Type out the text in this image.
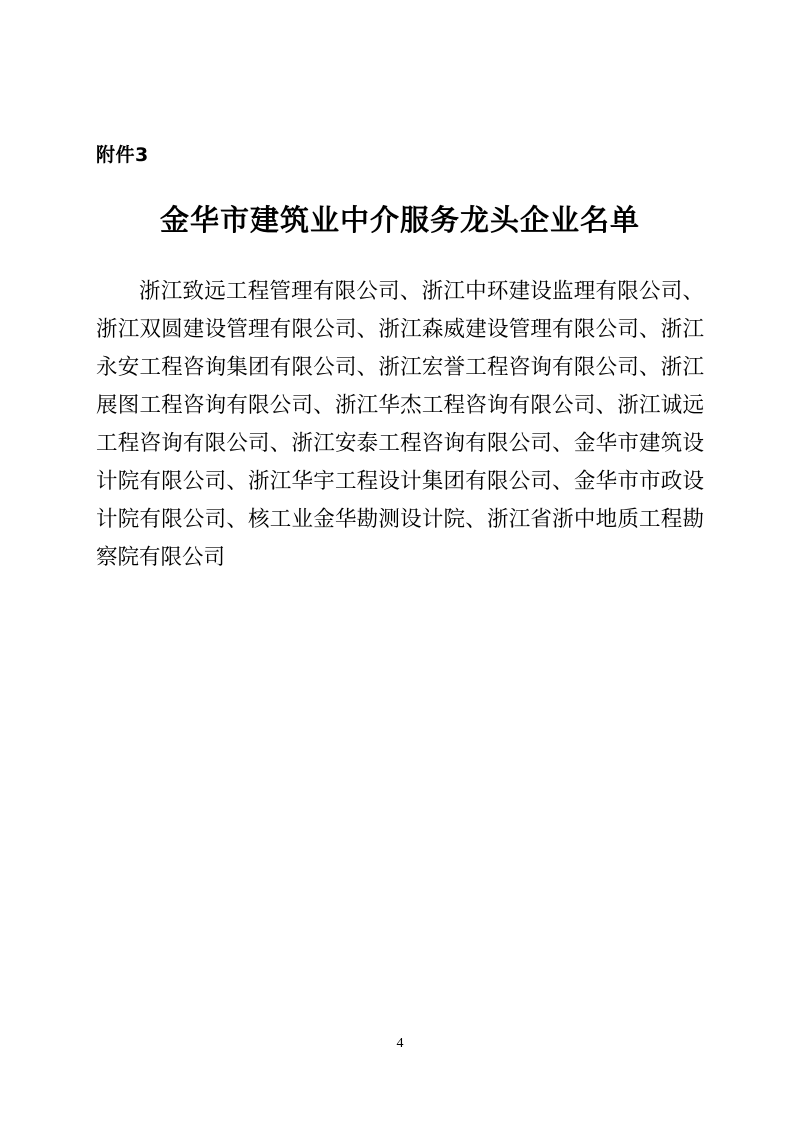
附件3
金华市建筑业中介服务龙头企业名单

浙江致远工程管理有限公司、浙江中环建设监理有限公司、浙江双圆建设管理有限公司、浙江森威建设管理有限公司、浙江永安工程咨询集团有限公司、浙江宏誉工程咨询有限公司、浙江展图工程咨询有限公司、浙江华杰工程咨询有限公司、浙江诚远工程咨询有限公司、浙江安泰工程咨询有限公司、金华市建筑设计院有限公司、浙江华宇工程设计集团有限公司、金华市市政设计院有限公司、核工业金华勘测设计院、浙江省浙中地质工程勘察院有限公司

4
